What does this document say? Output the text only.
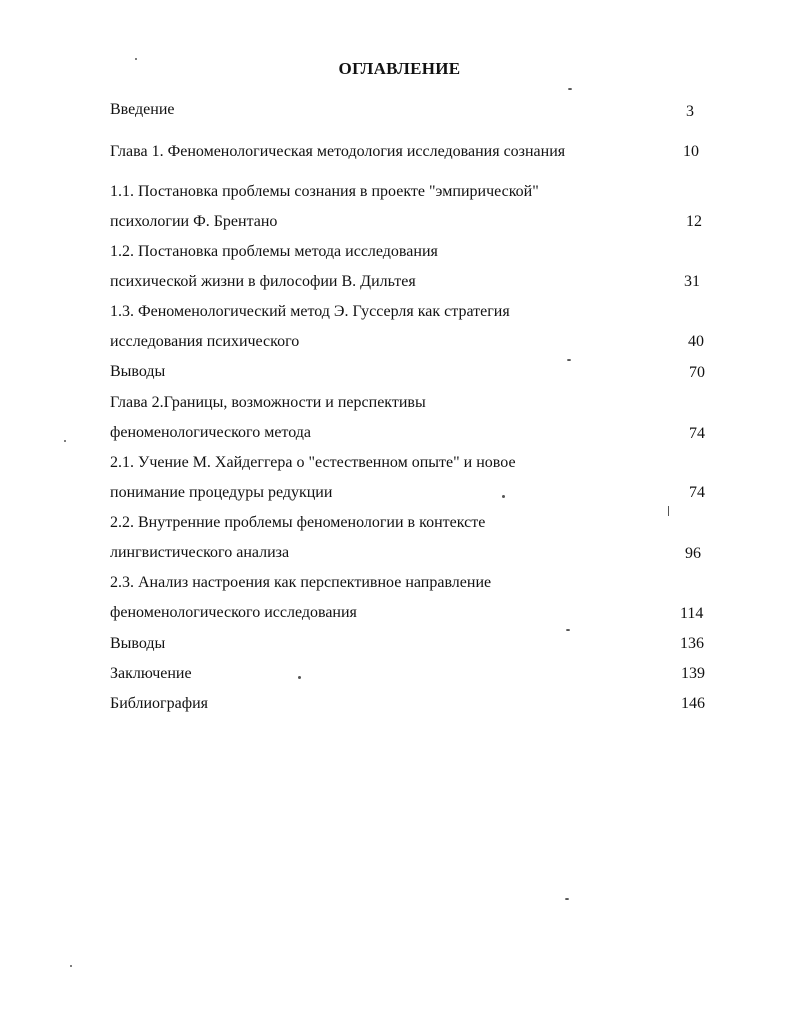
ОГЛАВЛЕНИЕ
Введение	3
Глава 1. Феноменологическая методология исследования сознания	10
1.1. Постановка проблемы сознания в проекте "эмпирической"
психологии Ф. Брентано	12
1.2. Постановка проблемы метода исследования
психической жизни в философии В. Дильтея	31
1.3. Феноменологический метод Э. Гуссерля как стратегия
исследования психического	40
Выводы	70
Глава 2.Границы, возможности и перспективы
феноменологического метода	74
2.1. Учение М. Хайдеггера о "естественном опыте" и новое
понимание процедуры редукции	74
2.2. Внутренние проблемы феноменологии в контексте
лингвистического анализа	96
2.3. Анализ настроения как перспективное направление
феноменологического исследования	114
Выводы	136
Заключение	139
Библиография	146
